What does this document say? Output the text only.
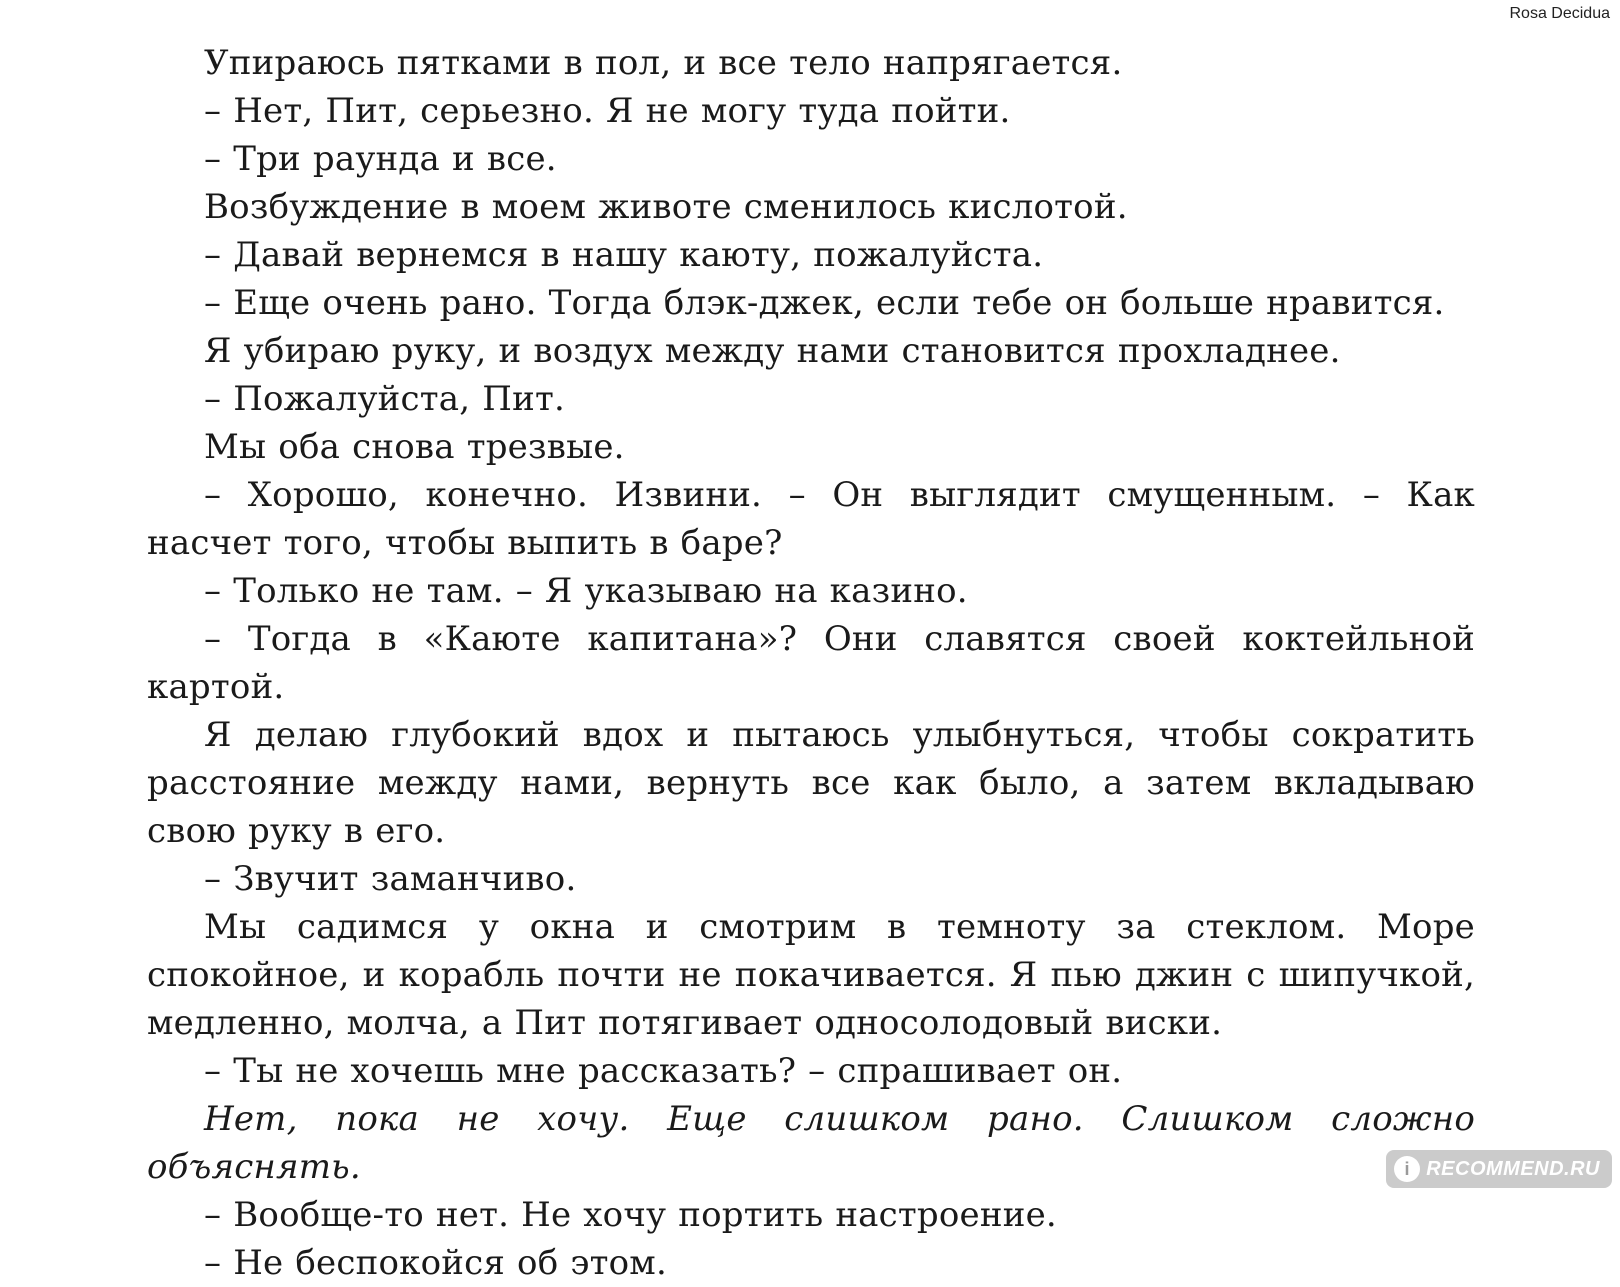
Rosa Decidua

Упираюсь пятками в пол, и все тело напрягается.

– Нет, Пит, серьезно. Я не могу туда пойти.

– Три раунда и все.

Возбуждение в моем животе сменилось кислотой.

– Давай вернемся в нашу каюту, пожалуйста.

– Еще очень рано. Тогда блэк-джек, если тебе он больше нравится.

Я убираю руку, и воздух между нами становится прохладнее.

– Пожалуйста, Пит.

Мы оба снова трезвые.

– Хорошо, конечно. Извини. – Он выглядит смущенным. – Как насчет того, чтобы выпить в баре?

– Только не там. – Я указываю на казино.

– Тогда в «Каюте капитана»? Они славятся своей коктейльной картой.

Я делаю глубокий вдох и пытаюсь улыбнуться, чтобы сократить расстояние между нами, вернуть все как было, а затем вкладываю свою руку в его.

– Звучит заманчиво.

Мы садимся у окна и смотрим в темноту за стеклом. Море спокойное, и корабль почти не покачивается. Я пью джин с шипучкой, медленно, молча, а Пит потягивает односолодовый виски.

– Ты не хочешь мне рассказать? – спрашивает он.

Нет, пока не хочу. Еще слишком рано. Слишком сложно объяснять.

– Вообще-то нет. Не хочу портить настроение.

– Не беспокойся об этом.

i RECOMMEND.RU
